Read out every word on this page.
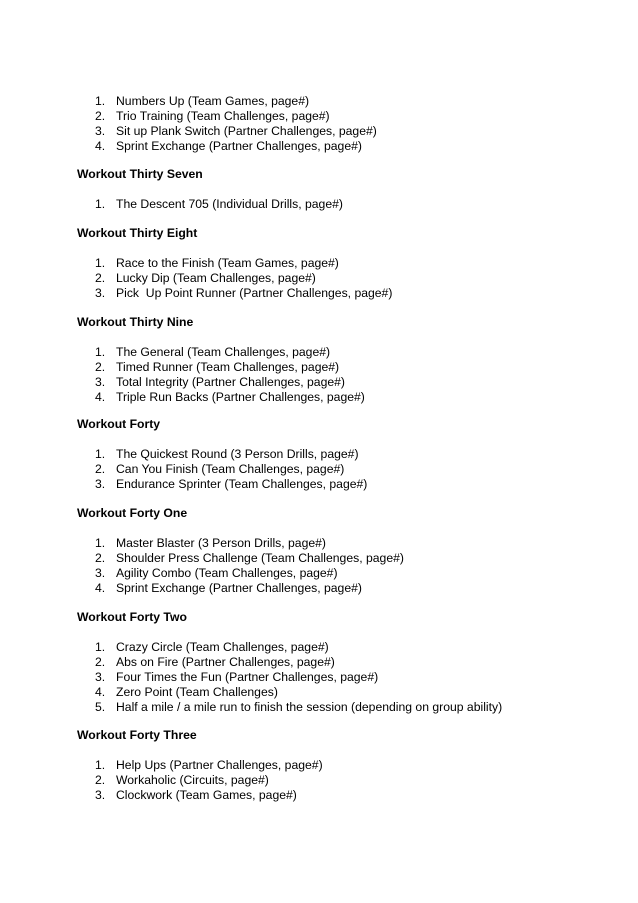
1. Numbers Up (Team Games, page#)
2. Trio Training (Team Challenges, page#)
3. Sit up Plank Switch (Partner Challenges, page#)
4. Sprint Exchange (Partner Challenges, page#)
Workout Thirty Seven
1. The Descent 705 (Individual Drills, page#)
Workout Thirty Eight
1. Race to the Finish (Team Games, page#)
2. Lucky Dip (Team Challenges, page#)
3. Pick  Up Point Runner (Partner Challenges, page#)
Workout Thirty Nine
1. The General (Team Challenges, page#)
2. Timed Runner (Team Challenges, page#)
3. Total Integrity (Partner Challenges, page#)
4. Triple Run Backs (Partner Challenges, page#)
Workout Forty
1. The Quickest Round (3 Person Drills, page#)
2. Can You Finish (Team Challenges, page#)
3. Endurance Sprinter (Team Challenges, page#)
Workout Forty One
1. Master Blaster (3 Person Drills, page#)
2. Shoulder Press Challenge (Team Challenges, page#)
3. Agility Combo (Team Challenges, page#)
4. Sprint Exchange (Partner Challenges, page#)
Workout Forty Two
1. Crazy Circle (Team Challenges, page#)
2. Abs on Fire (Partner Challenges, page#)
3. Four Times the Fun (Partner Challenges, page#)
4. Zero Point (Team Challenges)
5. Half a mile / a mile run to finish the session (depending on group ability)
Workout Forty Three
1. Help Ups (Partner Challenges, page#)
2. Workaholic (Circuits, page#)
3. Clockwork (Team Games, page#)
